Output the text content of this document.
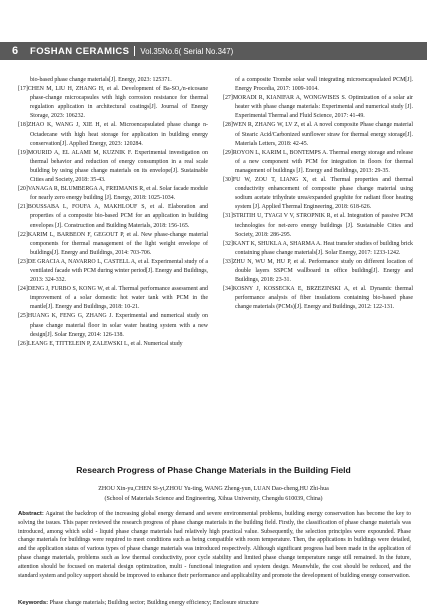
6	FOSHAN CERAMICS Vol.35No.6( Serial No.347)

bio-based phase change materials[J]. Energy, 2023: 125371.

[17]CHEN M, LIU H, ZHANG H, et al. Development of Ba-SO₄/n-eicosane phase-change microcapsules with high corrosion resistance for thermal regulation application in architectural coatings[J]. Journal of Energy Storage, 2023: 106232.

[18]ZHAO K, WANG J, XIE H, et al. Microencapsulated phase change n-Octadecane with high heat storage for application in building energy conservation[J]. Applied Energy, 2023: 120284.

[19]MOURID A, EL ALAMI M, KUZNIK F. Experimental investigation on thermal behavior and reduction of energy consumption in a real scale building by using phase change materials on its envelope[J]. Sustainable Cities and Society, 2018: 35-43.

[20]VANAGA R, BLUMBERGA A, FREIMANIS R, et al. Solar facade module for nearly zero energy building [J]. Energy, 2018: 1025-1034.

[21]BOUSSABA L, FOUFA A, MAKHLOUF S, et al. Elaboration and properties of a composite bio-based PCM for an application in building envelopes [J]. Construction and Building Materials, 2018: 156-165.

[22]KARIM L, BARBEON F, GEGOUT P, et al. New phase-change material components for thermal management of the light weight envelope of buildings[J]. Energy and Buildings, 2014: 703-706.

[23]DE GRACIA A, NAVARRO L, CASTELL A, et al. Experimental study of a ventilated facade with PCM during winter period[J]. Energy and Buildings, 2013: 324-332.

[24]DENG J, FURBO S, KONG W, et al. Thermal performance assessment and improvement of a solar domestic hot water tank with PCM in the mantle[J]. Energy and Buildings, 2018: 10-21.

[25]HUANG K, FENG G, ZHANG J. Experimental and numerical study on phase change material floor in solar water heating system with a new design[J]. Solar Energy, 2014: 126-138.

[26]LEANG E, TITTELEIN P, ZALEWSKI L, et al. Numerical study

of a composite Trombe solar wall integrating microencapsulated PCM[J]. Energy Procedia, 2017: 1009-1014.

[27]MORADI R, KIANIFAR A, WONGWISES S. Optimization of a solar air heater with phase change materials: Experimental and numerical study [J]. Experimental Thermal and Fluid Science, 2017: 41-49.

[28]WEN R, ZHANG W, LV Z, et al. A novel composite Phase change material of Stearic Acid/Carbonized sunflower straw for thermal energy storage[J]. Materials Letters, 2018: 42-45.

[29]ROYON L, KARIM L, BONTEMPS A. Thermal energy storage and release of a new component with PCM for integration in floors for thermal management of buildings [J]. Energy and Buildings, 2013: 29-35.

[30]FU W, ZOU T, LIANG X, et al. Thermal properties and thermal conductivity enhancement of composite phase change material using sodium acetate trihydrate urea/expanded graphite for radiant floor heating system [J]. Applied Thermal Engineering, 2018: 618-626.

[31]STRITIH U, TYAGI V V, STROPNIK R, et al. Integration of passive PCM technologies for net-zero energy buildings [J]. Sustainable Cities and Society, 2018: 286-295.

[32]KANT K, SHUKLA A, SHARMA A. Heat transfer studies of building brick containing phase change materials[J]. Solar Energy, 2017: 1233-1242.

[33]ZHU N, WU M, HU P, et al. Performance study on different location of double layers SSPCM wallboard in office building[J]. Energy and Buildings, 2018: 23-31.

[34]KOSNY J, KOSSECKA E, BRZEZINSKI A, et al. Dynamic thermal performance analysis of fiber insulations containing bio-based phase change materials (PCMs)[J]. Energy and Buildings, 2012: 122-131.

Research Progress of Phase Change Materials in the Building Field
ZHOU Xin-yu,CHEN Si-yi,ZHOU Yu-ting, WANG Zheng-yun, LUAN Dao-cheng,HU Zhi-hua
(School of Materials Science and Engineering, Xihua University, Chengdu 610039, China)

Abstract: Against the backdrop of the increasing global energy demand and severe environmental problems, building energy conservation has become the key to solving the issues. This paper reviewed the research progress of phase change materials in the building field. Firstly, the classification of phase change materials was introduced, among which solid - liquid phase change materials had relatively high practical value. Subsequently, the selection principles were expounded. Phase change materials for buildings were required to meet conditions such as being compatible with room temperature. Then, the applications in buildings were detailed, and the application status of various types of phase change materials was introduced respectively. Although significant progress had been made in the application of phase change materials, problems such as low thermal conductivity, poor cycle stability and limited phase change temperature range still remained. In the future, attention should be focused on material design optimization, multi - functional integration and system design. Meanwhile, the cost should be reduced, and the standard system and policy support should be improved to enhance their performance and applicability and promote the development of building energy conservation.

Keywords: Phase change materials; Building sector; Building energy efficiency; Enclosure structure
